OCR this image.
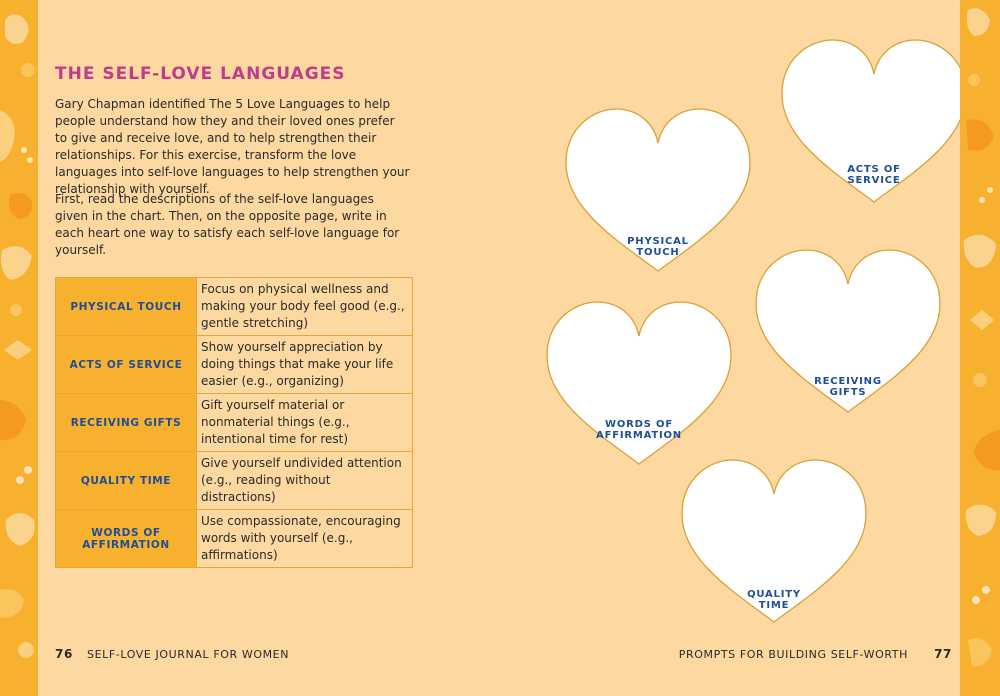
THE SELF-LOVE LANGUAGES

Gary Chapman identified The 5 Love Languages to help people understand how they and their loved ones prefer to give and receive love, and to help strengthen their relationships. For this exercise, transform the love languages into self-love languages to help strengthen your relationship with yourself.

First, read the descriptions of the self-love languages given in the chart. Then, on the opposite page, write in each heart one way to satisfy each self-love language for yourself.

PHYSICAL TOUCH	Focus on physical wellness and making your body feel good (e.g., gentle stretching)
ACTS OF SERVICE	Show yourself appreciation by doing things that make your life easier (e.g., organizing)
RECEIVING GIFTS	Gift yourself material or nonmaterial things (e.g., intentional time for rest)
QUALITY TIME	Give yourself undivided attention (e.g., reading without distractions)
WORDS OF AFFIRMATION	Use compassionate, encouraging words with yourself (e.g., affirmations)
76 SELF-LOVE JOURNAL FOR WOMEN
ACTS OF
SERVICE
PHYSICAL
TOUCH
RECEIVING
GIFTS
WORDS OF
AFFIRMATION
QUALITY
TIME
PROMPTS FOR BUILDING SELF-WORTH 77
